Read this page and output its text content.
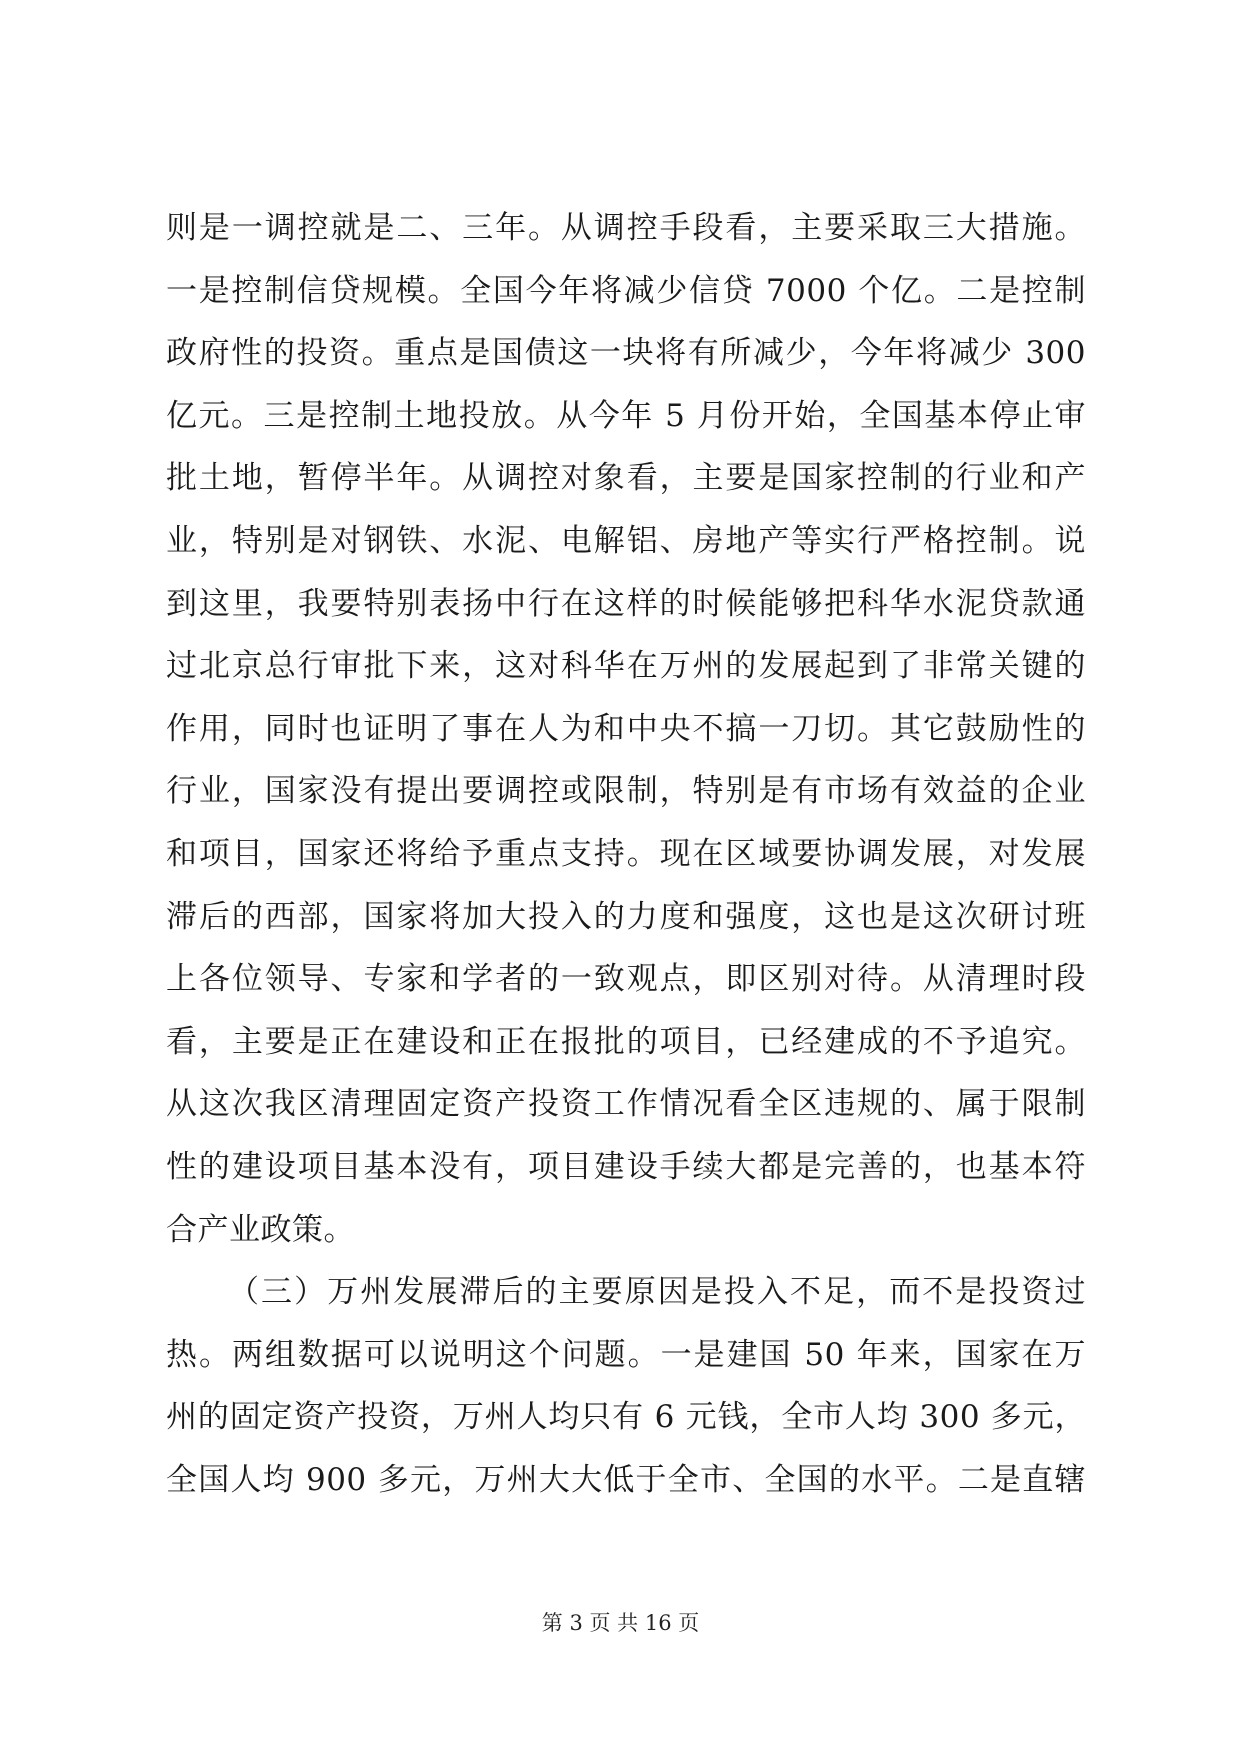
则是一调控就是二、三年。从调控手段看，主要采取三大措施。
一是控制信贷规模。全国今年将减少信贷 7000 个亿。二是控制
政府性的投资。重点是国债这一块将有所减少，今年将减少 300
亿元。三是控制土地投放。从今年 5 月份开始，全国基本停止审
批土地，暂停半年。从调控对象看，主要是国家控制的行业和产
业，特别是对钢铁、水泥、电解铝、房地产等实行严格控制。说
到这里，我要特别表扬中行在这样的时候能够把科华水泥贷款通
过北京总行审批下来，这对科华在万州的发展起到了非常关键的
作用，同时也证明了事在人为和中央不搞一刀切。其它鼓励性的
行业，国家没有提出要调控或限制，特别是有市场有效益的企业
和项目，国家还将给予重点支持。现在区域要协调发展，对发展
滞后的西部，国家将加大投入的力度和强度，这也是这次研讨班
上各位领导、专家和学者的一致观点，即区别对待。从清理时段
看，主要是正在建设和正在报批的项目，已经建成的不予追究。
从这次我区清理固定资产投资工作情况看全区违规的、属于限制
性的建设项目基本没有，项目建设手续大都是完善的，也基本符
合产业政策。
（三）万州发展滞后的主要原因是投入不足，而不是投资过
热。两组数据可以说明这个问题。一是建国 50 年来，国家在万
州的固定资产投资，万州人均只有 6 元钱，全市人均 300 多元，
全国人均 900 多元，万州大大低于全市、全国的水平。二是直辖
第 3 页 共 16 页
